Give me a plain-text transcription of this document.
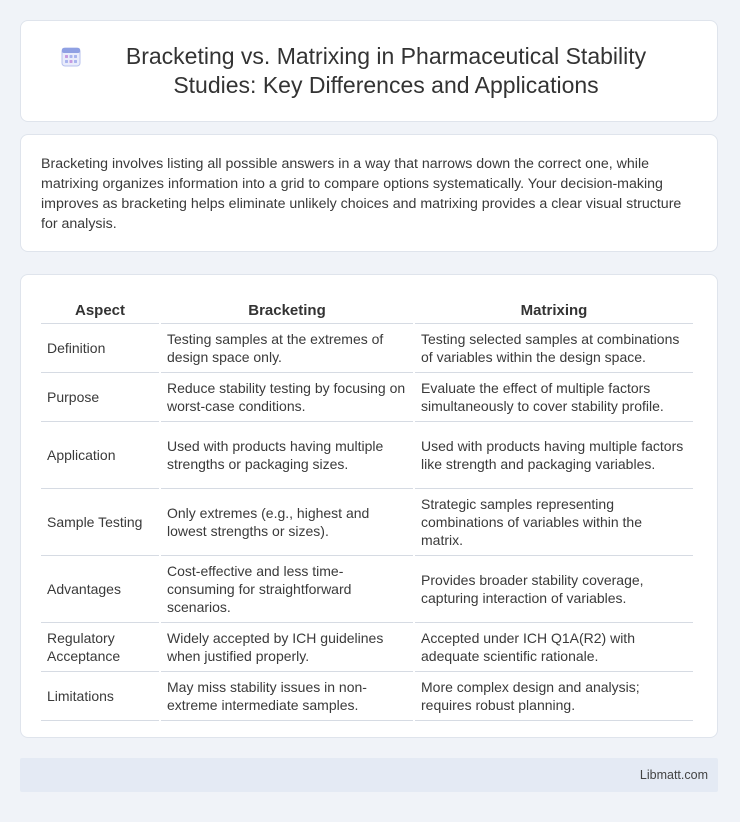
Bracketing vs. Matrixing in Pharmaceutical Stability Studies: Key Differences and Applications

Bracketing involves listing all possible answers in a way that narrows down the correct one, while matrixing organizes information into a grid to compare options systematically. Your decision-making improves as bracketing helps eliminate unlikely choices and matrixing provides a clear visual structure for analysis.

Aspect	Bracketing	Matrixing
Definition	Testing samples at the extremes of design space only.	Testing selected samples at combinations of variables within the design space.
Purpose	Reduce stability testing by focusing on worst-case conditions.	Evaluate the effect of multiple factors simultaneously to cover stability profile.
Application	Used with products having multiple strengths or packaging sizes.	Used with products having multiple factors like strength and packaging variables.
Sample Testing	Only extremes (e.g., highest and lowest strengths or sizes).	Strategic samples representing combinations of variables within the matrix.
Advantages	Cost-effective and less time-consuming for straightforward scenarios.	Provides broader stability coverage, capturing interaction of variables.
Regulatory Acceptance	Widely accepted by ICH guidelines when justified properly.	Accepted under ICH Q1A(R2) with adequate scientific rationale.
Limitations	May miss stability issues in non-extreme intermediate samples.	More complex design and analysis; requires robust planning.
Libmatt.com
